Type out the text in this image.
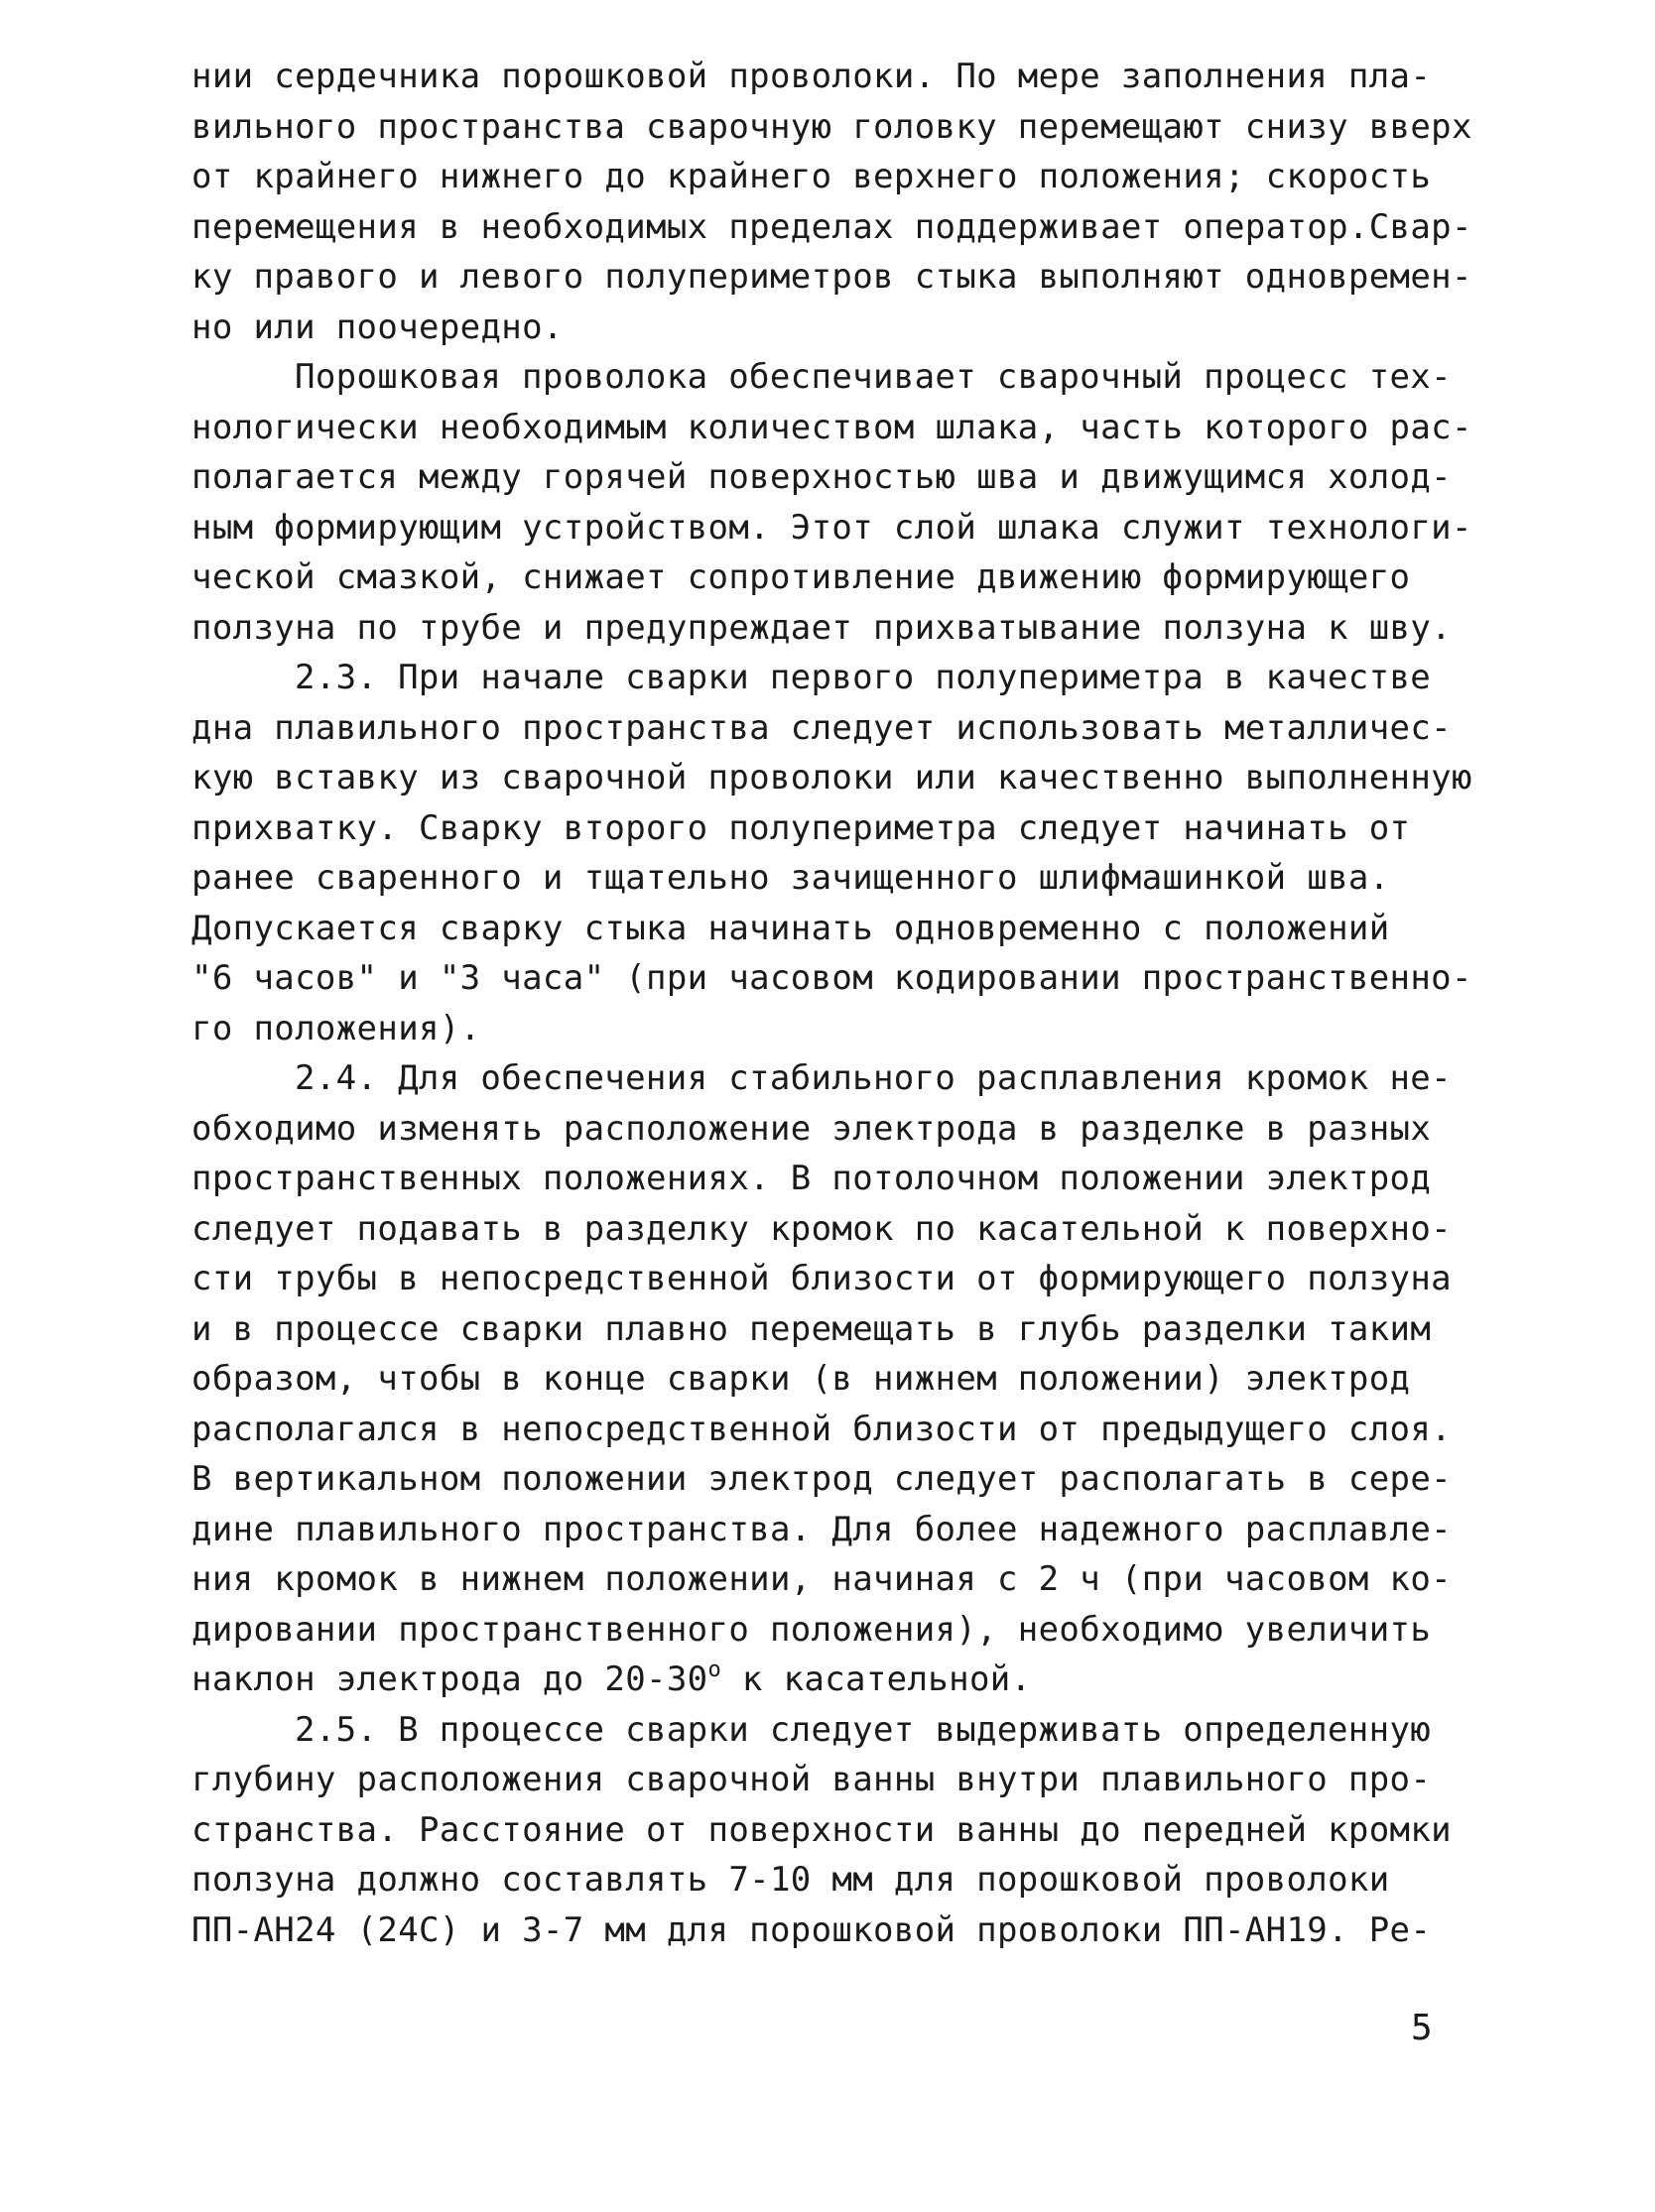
нии сердечника порошковой проволоки. По мере заполнения пла-
вильного пространства сварочную головку перемещают снизу вверх
от крайнего нижнего до крайнего верхнего положения; скорость
перемещения в необходимых пределах поддерживает оператор.Свар-
ку правого и левого полупериметров стыка выполняют одновремен-
но или поочередно.
Порошковая проволока обеспечивает сварочный процесс тех-
нологически необходимым количеством шлака, часть которого рас-
полагается между горячей поверхностью шва и движущимся холод-
ным формирующим устройством. Этот слой шлака служит технологи-
ческой смазкой, снижает сопротивление движению формирующего
ползуна по трубе и предупреждает прихватывание ползуна к шву.
2.3. При начале сварки первого полупериметра в качестве
дна плавильного пространства следует использовать металличес-
кую вставку из сварочной проволоки или качественно выполненную
прихватку. Сварку второго полупериметра следует начинать от
ранее сваренного и тщательно зачищенного шлифмашинкой шва.
Допускается сварку стыка начинать одновременно с положений
"6 часов" и "3 часа" (при часовом кодировании пространственно-
го положения).
2.4. Для обеспечения стабильного расплавления кромок не-
обходимо изменять расположение электрода в разделке в разных
пространственных положениях. В потолочном положении электрод
следует подавать в разделку кромок по касательной к поверхно-
сти трубы в непосредственной близости от формирующего ползуна
и в процессе сварки плавно перемещать в глубь разделки таким
образом, чтобы в конце сварки (в нижнем положении) электрод
располагался в непосредственной близости от предыдущего слоя.
В вертикальном положении электрод следует располагать в сере-
дине плавильного пространства. Для более надежного расплавле-
ния кромок в нижнем положении, начиная с 2 ч (при часовом ко-
дировании пространственного положения), необходимо увеличить
наклон электрода до $20-30^о$ к касательной.
2.5. В процессе сварки следует выдерживать определенную
глубину расположения сварочной ванны внутри плавильного про-
странства. Расстояние от поверхности ванны до передней кромки
ползуна должно составлять 7-10 мм для порошковой проволоки
ПП-АН24 (24С) и 3-7 мм для порошковой проволоки ПП-АН19. Ре-
5
